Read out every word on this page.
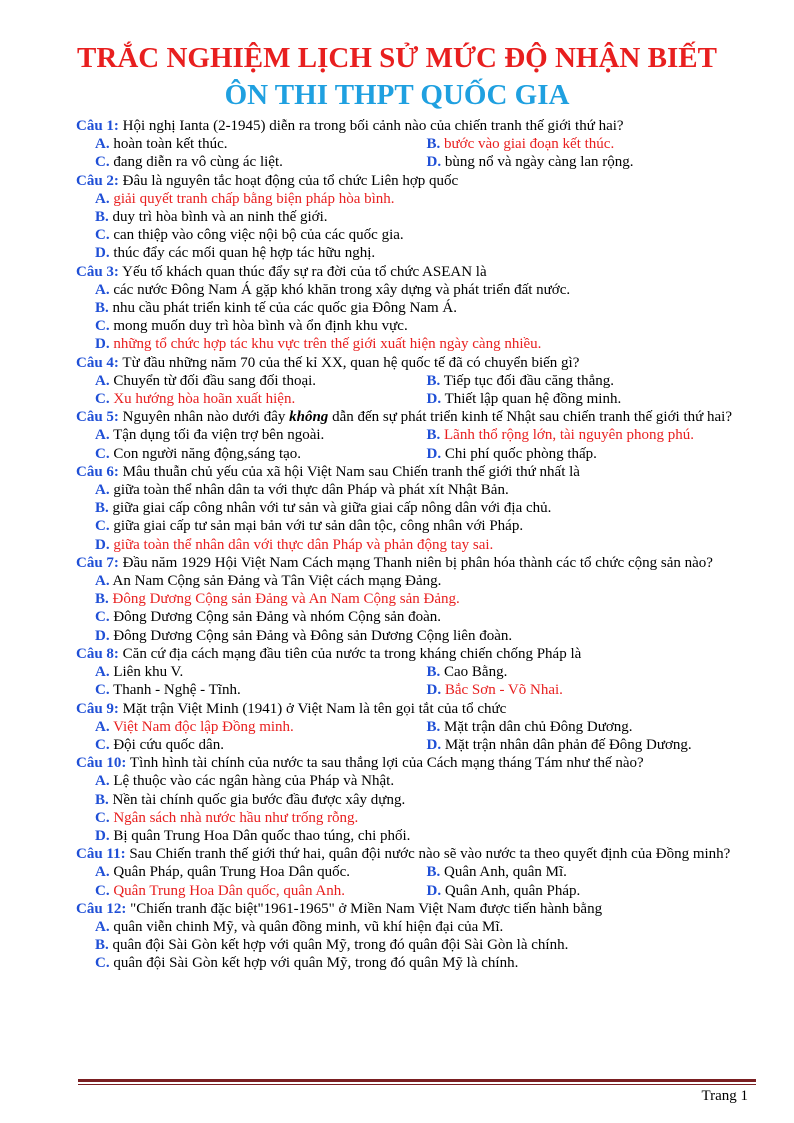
TRẮC NGHIỆM LỊCH SỬ MỨC ĐỘ NHẬN BIẾT
ÔN THI THPT QUỐC GIA

Câu 1: Hội nghị Ianta (2-1945) diễn ra trong bối cảnh nào của chiến tranh thế giới thứ hai?

A. hoàn toàn kết thúc.	B. bước vào giai đoạn kết thúc.
C. đang diễn ra vô cùng ác liệt.	D. bùng nổ và ngày càng lan rộng.

Câu 2: Đâu là nguyên tắc hoạt động của tổ chức Liên hợp quốc

A. giải quyết tranh chấp bằng biện pháp hòa bình.
B. duy trì hòa bình và an ninh thế giới.
C. can thiệp vào công việc nội bộ của các quốc gia.
D. thúc đẩy các mối quan hệ hợp tác hữu nghị.

Câu 3: Yếu tố khách quan thúc đẩy sự ra đời của tổ chức ASEAN là

A. các nước Đông Nam Á gặp khó khăn trong xây dựng và phát triển đất nước.
B. nhu cầu phát triển kinh tế của các quốc gia Đông Nam Á.
C. mong muốn duy trì hòa bình và ổn định khu vực.
D. những tổ chức hợp tác khu vực trên thế giới xuất hiện ngày càng nhiều.

Câu 4: Từ đầu những năm 70 của thế kỉ XX, quan hệ quốc tế đã có chuyển biến gì?

A. Chuyển từ đối đầu sang đối thoại.	B. Tiếp tục đối đầu căng thẳng.
C. Xu hướng hòa hoãn xuất hiện.	D. Thiết lập quan hệ đồng minh.

Câu 5: Nguyên nhân nào dưới đây không dẫn đến sự phát triển kinh tế Nhật sau chiến tranh thế giới thứ hai?

A. Tận dụng tối đa viện trợ bên ngoài.	B. Lãnh thổ rộng lớn, tài nguyên phong phú.
C. Con người năng động,sáng tạo.	D. Chi phí quốc phòng thấp.

Câu 6: Mâu thuẫn chủ yếu của xã hội Việt Nam sau Chiến tranh thế giới thứ nhất là

A. giữa toàn thể nhân dân ta với thực dân Pháp và phát xít Nhật Bản.
B. giữa giai cấp công nhân với tư sản và giữa giai cấp nông dân với địa chủ.
C. giữa giai cấp tư sản mại bản với tư sản dân tộc, công nhân với Pháp.
D. giữa toàn thể nhân dân với thực dân Pháp và phản động tay sai.

Câu 7: Đầu năm 1929 Hội Việt Nam Cách mạng Thanh niên bị phân hóa thành các tổ chức cộng sản nào?

A. An Nam Cộng sản Đảng và Tân Việt cách mạng Đảng.
B. Đông Dương Cộng sản Đảng và An Nam Cộng sản Đảng.
C. Đông Dương Cộng sản Đảng và nhóm Cộng sản đoàn.
D. Đông Dương Cộng sản Đảng và Đông sản Dương Cộng liên đoàn.

Câu 8: Căn cứ địa cách mạng đầu tiên của nước ta trong kháng chiến chống Pháp là

A. Liên khu V.	B. Cao Bằng.
C. Thanh - Nghệ - Tĩnh.	D. Bắc Sơn - Võ Nhai.

Câu 9: Mặt trận Việt Minh (1941) ở Việt Nam là tên gọi tắt của tổ chức

A. Việt Nam độc lập Đồng minh.	B. Mặt trận dân chủ Đông Dương.
C. Đội cứu quốc dân.	D. Mặt trận nhân dân phản đế Đông Dương.

Câu 10: Tình hình tài chính của nước ta sau thắng lợi của Cách mạng tháng Tám như thế nào?

A. Lệ thuộc vào các ngân hàng của Pháp và Nhật.
B. Nền tài chính quốc gia bước đầu được xây dựng.
C. Ngân sách nhà nước hầu như trống rỗng.
D. Bị quân Trung Hoa Dân quốc thao túng, chi phối.

Câu 11: Sau Chiến tranh thế giới thứ hai, quân đội nước nào sẽ vào nước ta theo quyết định của Đồng minh?

A. Quân Pháp, quân Trung Hoa Dân quốc.	B. Quân Anh, quân Mĩ.
C. Quân Trung Hoa Dân quốc, quân Anh.	D. Quân Anh, quân Pháp.

Câu 12: "Chiến tranh đặc biệt"1961-1965" ở Miền Nam Việt Nam được tiến hành bằng

A. quân viễn chinh Mỹ, và quân đồng minh, vũ khí hiện đại của Mĩ.
B. quân đội Sài Gòn kết hợp với quân Mỹ, trong đó quân đội Sài Gòn là chính.
C. quân đội Sài Gòn kết hợp với quân Mỹ, trong đó quân Mỹ là chính.
Trang 1
